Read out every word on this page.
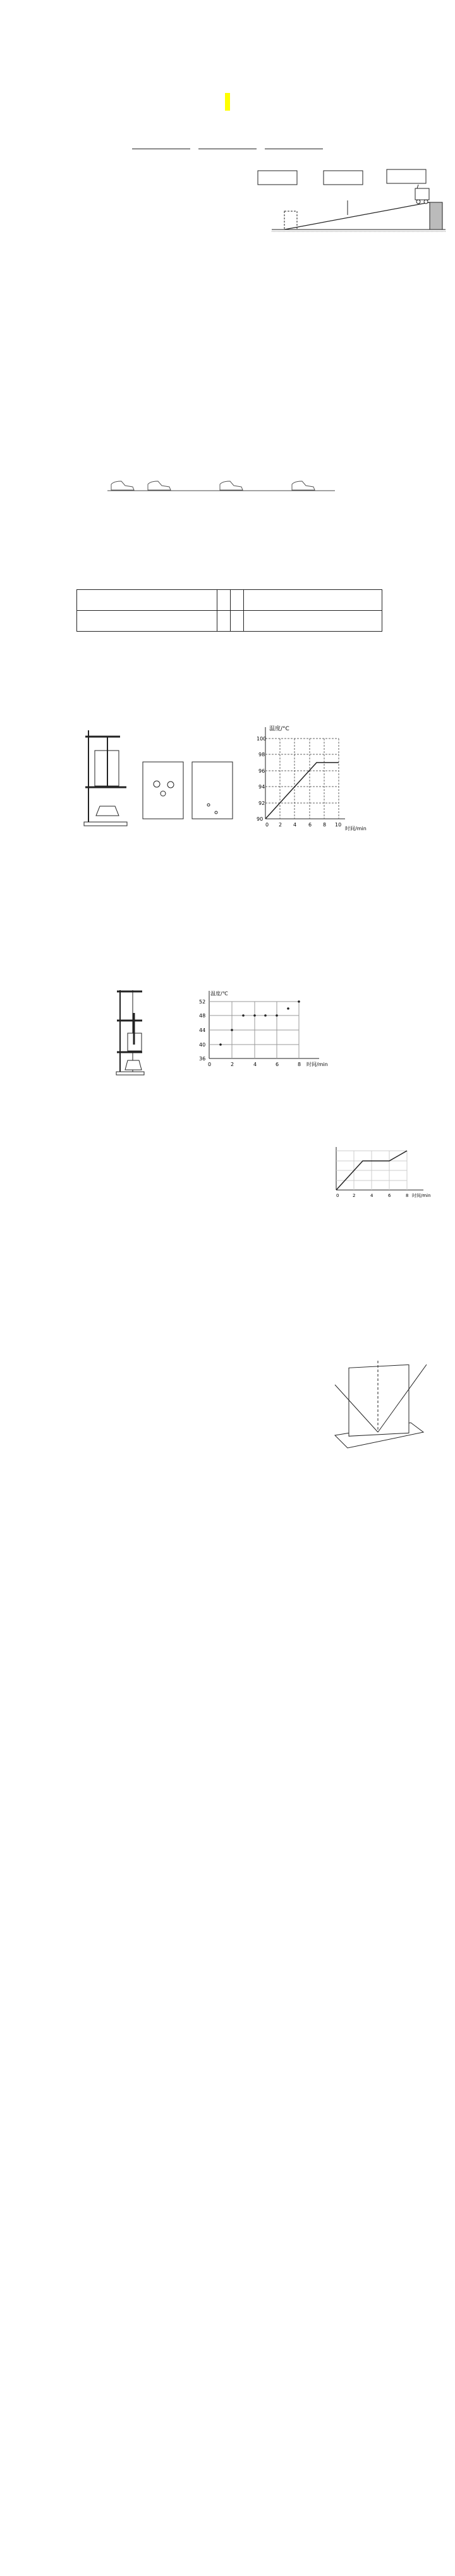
温度/°C
100
98
96
94
92
90
0 2 4 6 8 10
时间/min
温度/℃
52
48
44
40
36
0	2	4	6	8 时间/min
0	2	4	6	8 时间/min
